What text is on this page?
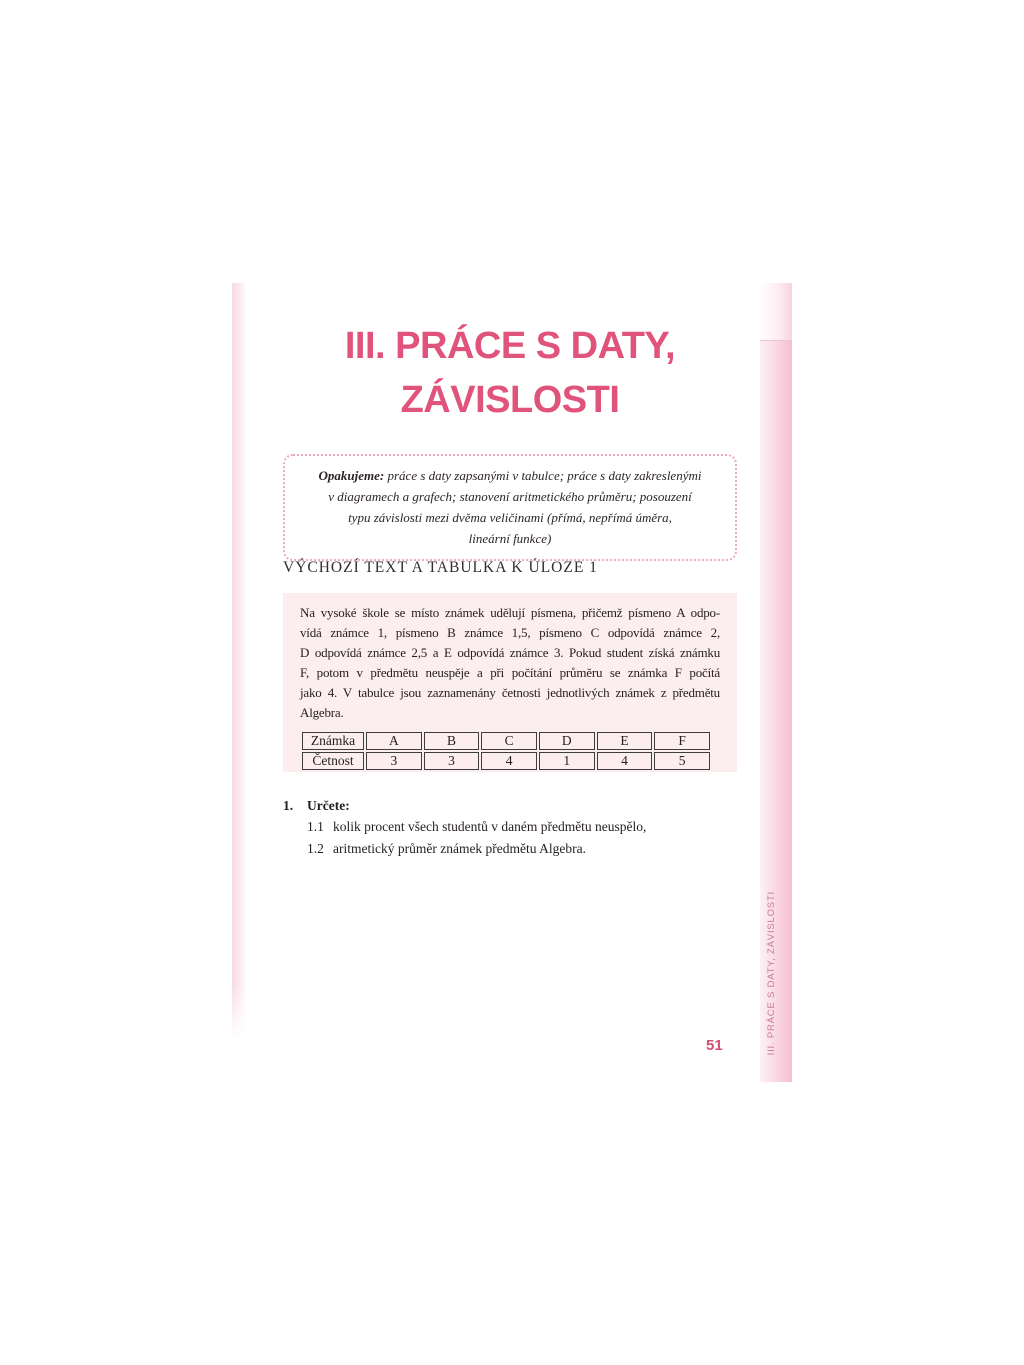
III. PRÁCE S DATY, ZÁVISLOSTI
III. PRÁCE S DATY,
ZÁVISLOSTI
Opakujeme: práce s daty zapsanými v tabulce; práce s daty zakreslenými
v diagramech a grafech; stanovení aritmetického průměru; posouzení
typu závislosti mezi dvěma veličinami (přímá, nepřímá úměra,
lineární funkce)
VÝCHOZÍ TEXT A TABULKA K ÚLOZE 1
Na vysoké škole se místo známek udělují písmena, přičemž písmeno A odpo-
vídá známce 1, písmeno B známce 1,5, písmeno C odpovídá známce 2,
D odpovídá známce 2,5 a E odpovídá známce 3. Pokud student získá známku
F, potom v předmětu neuspěje a při počítání průměru se známka F počítá
jako 4. V tabulce jsou zaznamenány četnosti jednotlivých známek z předmětu
Algebra.
Známka	A	B	C	D	E	F
Četnost	3	3	4	1	4	5
1.	Určete:
1.1 kolik procent všech studentů v daném předmětu neuspělo,
1.2 aritmetický průměr známek předmětu Algebra.
51
